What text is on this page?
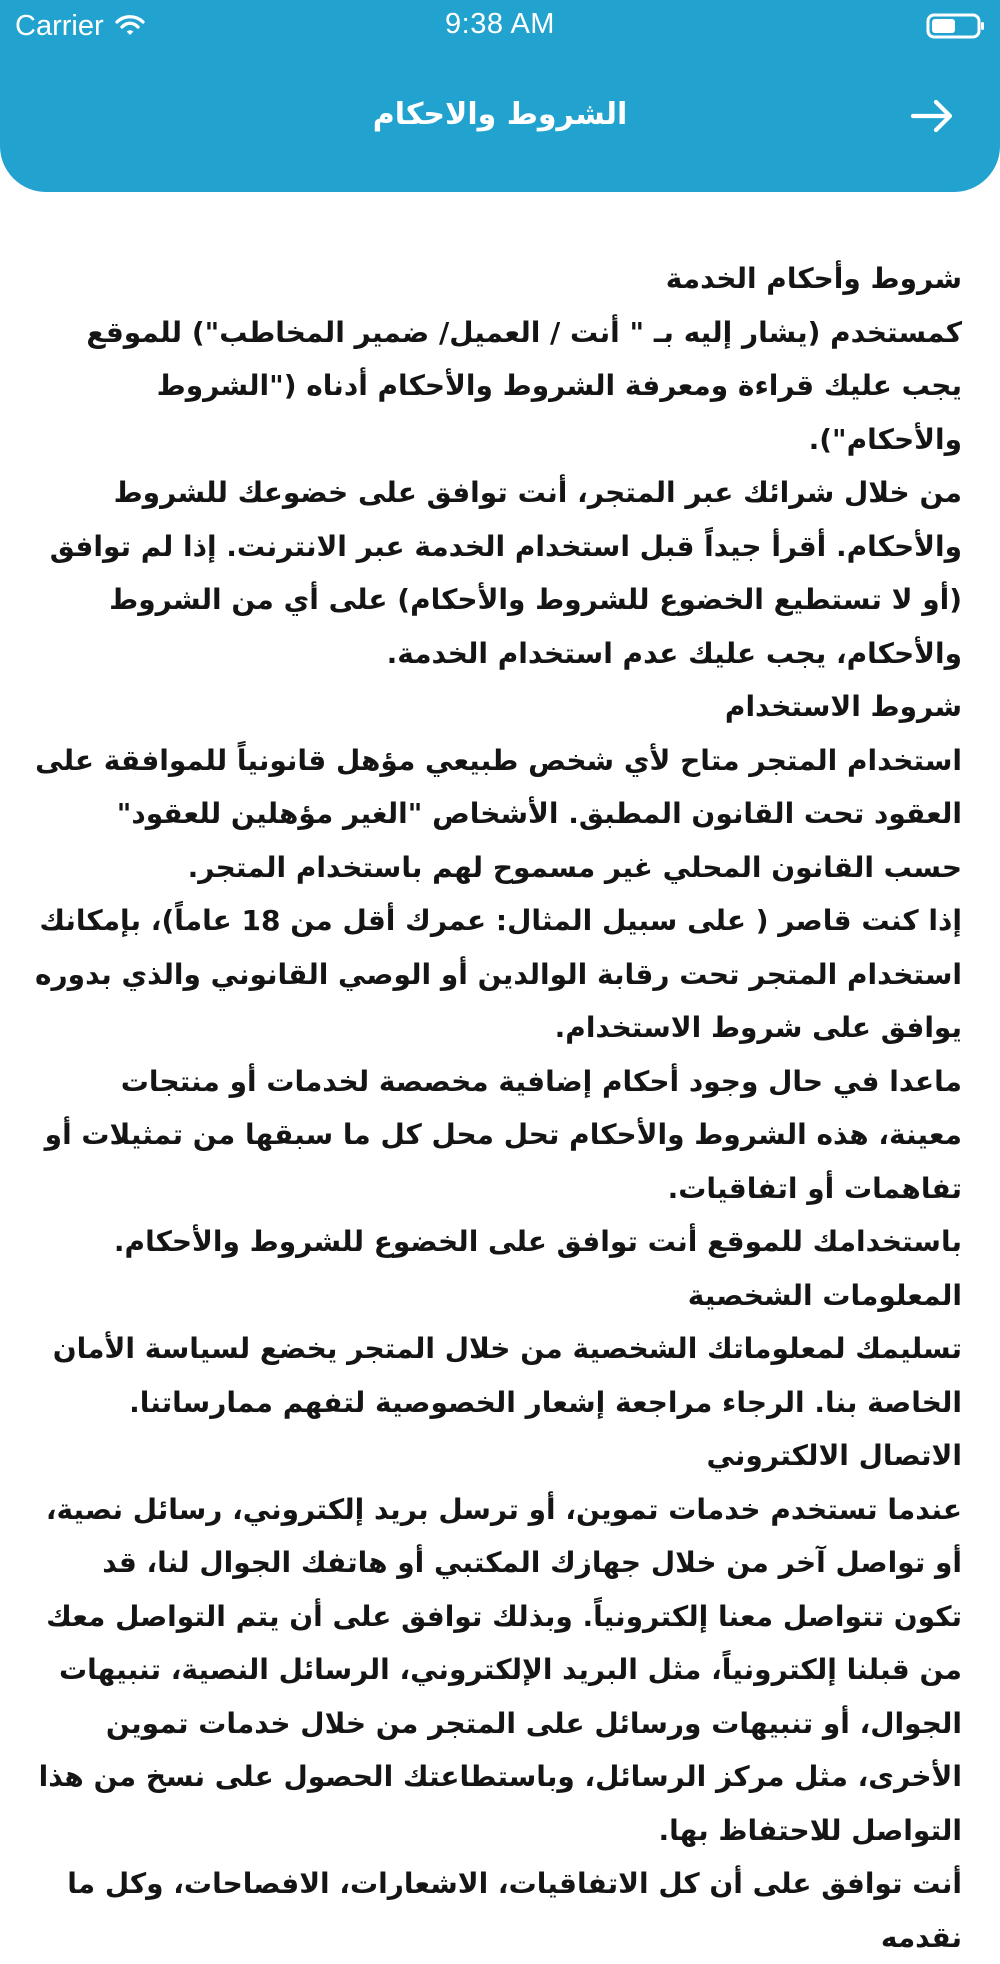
Carrier	9:38 AM
الشروط والاحكام

شروط وأحكام الخدمة

كمستخدم (يشار إليه بـ " أنت / العميل/ ضمير المخاطب") للموقع يجب عليك قراءة ومعرفة الشروط والأحكام أدناه ("الشروط والأحكام").

من خلال شرائك عبر المتجر، أنت توافق على خضوعك للشروط والأحكام. أقرأ جيداً قبل استخدام الخدمة عبر الانترنت. إذا لم توافق (أو لا تستطيع الخضوع للشروط والأحكام) على أي من الشروط والأحكام، يجب عليك عدم استخدام الخدمة.

شروط الاستخدام

استخدام المتجر متاح لأي شخص طبيعي مؤهل قانونياً للموافقة على العقود تحت القانون المطبق. الأشخاص "الغير مؤهلين للعقود" حسب القانون المحلي غير مسموح لهم باستخدام المتجر.

إذا كنت قاصر ( على سبيل المثال: عمرك أقل من 18 عاماً)، بإمكانك استخدام المتجر تحت رقابة الوالدين أو الوصي القانوني والذي بدوره يوافق على شروط الاستخدام.

ماعدا في حال وجود أحكام إضافية مخصصة لخدمات أو منتجات معينة، هذه الشروط والأحكام تحل محل كل ما سبقها من تمثيلات أو تفاهمات أو اتفاقيات.

باستخدامك للموقع أنت توافق على الخضوع للشروط والأحكام.

المعلومات الشخصية

تسليمك لمعلوماتك الشخصية من خلال المتجر يخضع لسياسة الأمان الخاصة بنا. الرجاء مراجعة إشعار الخصوصية لتفهم ممارساتنا.

الاتصال الالكتروني

عندما تستخدم خدمات تموين، أو ترسل بريد إلكتروني، رسائل نصية، أو تواصل آخر من خلال جهازك المكتبي أو هاتفك الجوال لنا، قد تكون تتواصل معنا إلكترونياً. وبذلك توافق على أن يتم التواصل معك من قبلنا إلكترونياً، مثل البريد الإلكتروني، الرسائل النصية، تنبيهات الجوال، أو تنبيهات ورسائل على المتجر من خلال خدمات تموين الأخرى، مثل مركز الرسائل، وباستطاعتك الحصول على نسخ من هذا التواصل للاحتفاظ بها.

أنت توافق على أن كل الاتفاقيات، الاشعارات، الافصاحات، وكل ما نقدمه
